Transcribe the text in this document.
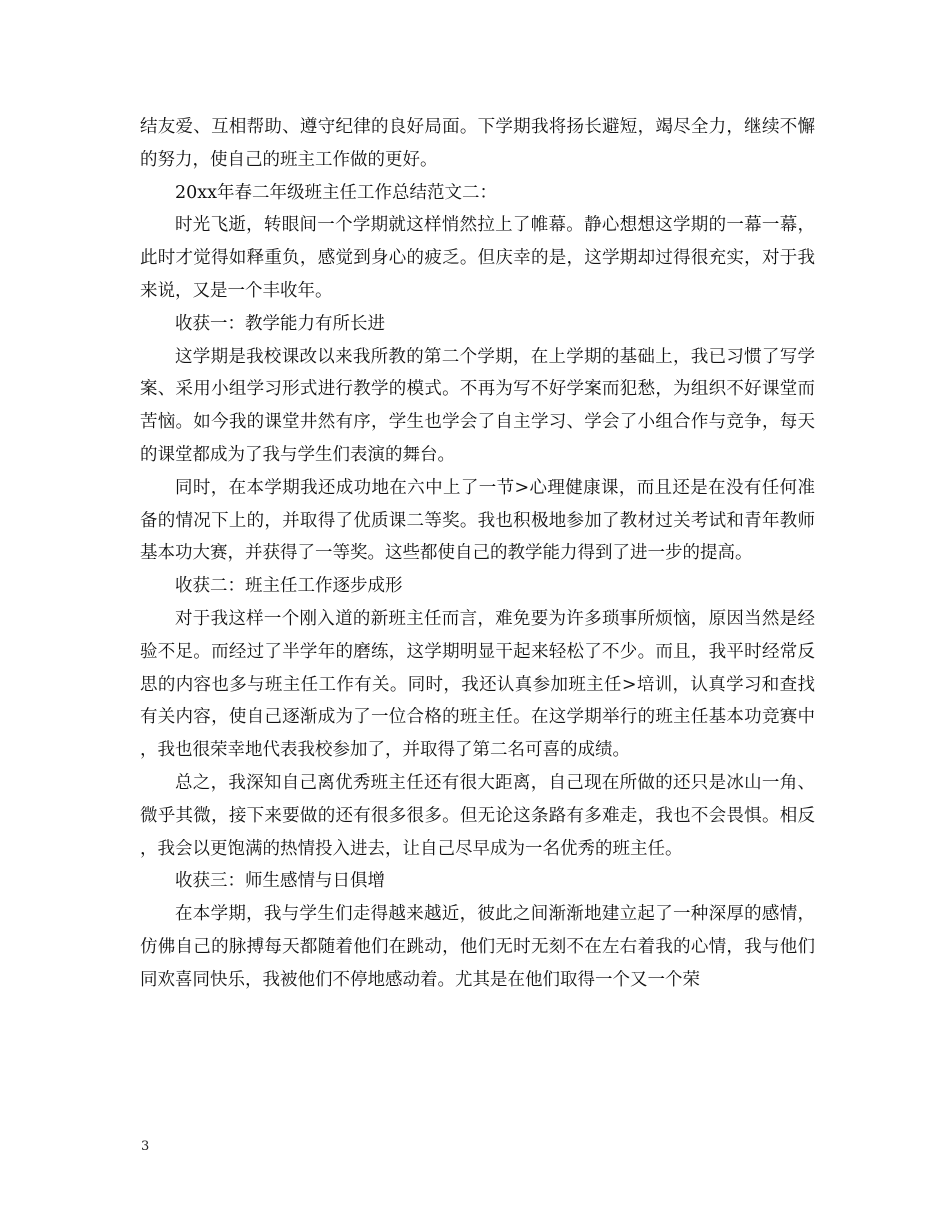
结友爱、互相帮助、遵守纪律的良好局面。下学期我将扬长避短，竭尽全力，继续不懈的努力，使自己的班主工作做的更好。

20xx年春二年级班主任工作总结范文二：

时光飞逝，转眼间一个学期就这样悄然拉上了帷幕。静心想想这学期的一幕一幕，此时才觉得如释重负，感觉到身心的疲乏。但庆幸的是，这学期却过得很充实，对于我来说，又是一个丰收年。

收获一：教学能力有所长进

这学期是我校课改以来我所教的第二个学期，在上学期的基础上，我已习惯了写学案、采用小组学习形式进行教学的模式。不再为写不好学案而犯愁，为组织不好课堂而苦恼。如今我的课堂井然有序，学生也学会了自主学习、学会了小组合作与竞争，每天的课堂都成为了我与学生们表演的舞台。

同时，在本学期我还成功地在六中上了一节>心理健康课，而且还是在没有任何准备的情况下上的，并取得了优质课二等奖。我也积极地参加了教材过关考试和青年教师基本功大赛，并获得了一等奖。这些都使自己的教学能力得到了进一步的提高。

收获二：班主任工作逐步成形

对于我这样一个刚入道的新班主任而言，难免要为许多琐事所烦恼，原因当然是经验不足。而经过了半学年的磨练，这学期明显干起来轻松了不少。而且，我平时经常反思的内容也多与班主任工作有关。同时，我还认真参加班主任>培训，认真学习和查找有关内容，使自己逐渐成为了一位合格的班主任。在这学期举行的班主任基本功竞赛中，我也很荣幸地代表我校参加了，并取得了第二名可喜的成绩。

总之，我深知自己离优秀班主任还有很大距离，自己现在所做的还只是冰山一角、微乎其微，接下来要做的还有很多很多。但无论这条路有多难走，我也不会畏惧。相反，我会以更饱满的热情投入进去，让自己尽早成为一名优秀的班主任。

收获三：师生感情与日俱增

在本学期，我与学生们走得越来越近，彼此之间渐渐地建立起了一种深厚的感情，仿佛自己的脉搏每天都随着他们在跳动，他们无时无刻不在左右着我的心情，我与他们同欢喜同快乐，我被他们不停地感动着。尤其是在他们取得一个又一个荣

3
